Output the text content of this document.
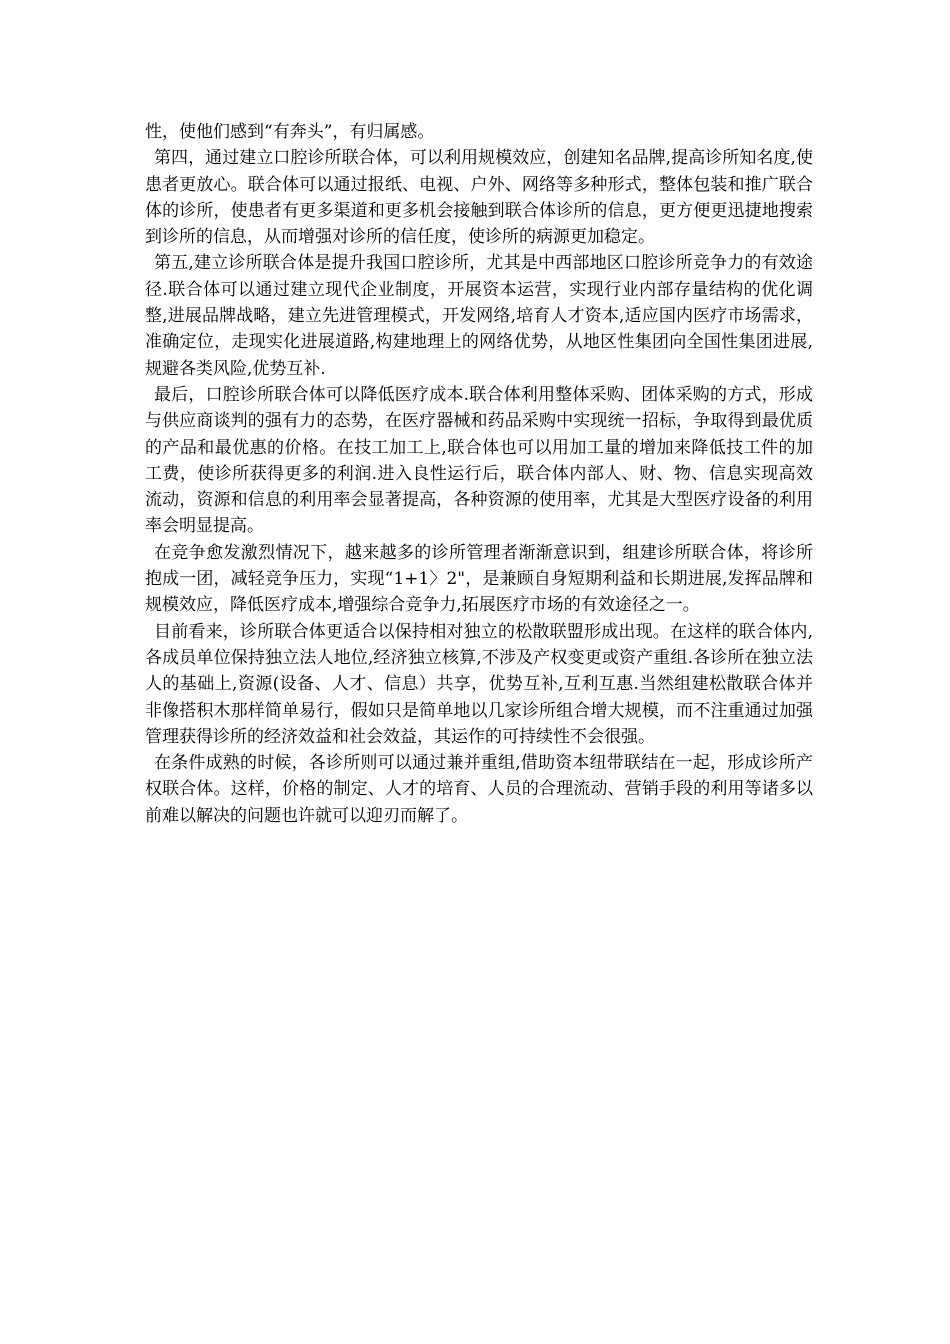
性，使他们感到“有奔头”，有归属感。

第四，通过建立口腔诊所联合体，可以利用规模效应，创建知名品牌,提高诊所知名度,使患者更放心。联合体可以通过报纸、电视、户外、网络等多种形式，整体包装和推广联合体的诊所，使患者有更多渠道和更多机会接触到联合体诊所的信息，更方便更迅捷地搜索到诊所的信息，从而增强对诊所的信任度，使诊所的病源更加稳定。

第五,建立诊所联合体是提升我国口腔诊所，尤其是中西部地区口腔诊所竞争力的有效途径.联合体可以通过建立现代企业制度，开展资本运营，实现行业内部存量结构的优化调整,进展品牌战略，建立先进管理模式，开发网络,培育人才资本,适应国内医疗市场需求，准确定位，走现实化进展道路,构建地理上的网络优势，从地区性集团向全国性集团进展,规避各类风险,优势互补.

最后，口腔诊所联合体可以降低医疗成本.联合体利用整体采购、团体采购的方式，形成与供应商谈判的强有力的态势，在医疗器械和药品采购中实现统一招标，争取得到最优质的产品和最优惠的价格。在技工加工上,联合体也可以用加工量的增加来降低技工件的加工费，使诊所获得更多的利润.进入良性运行后，联合体内部人、财、物、信息实现高效流动，资源和信息的利用率会显著提高，各种资源的使用率，尤其是大型医疗设备的利用率会明显提高。

在竞争愈发激烈情况下，越来越多的诊所管理者渐渐意识到，组建诊所联合体，将诊所抱成一团，减轻竞争压力，实现“1+1〉2"，是兼顾自身短期利益和长期进展,发挥品牌和规模效应，降低医疗成本,增强综合竞争力,拓展医疗市场的有效途径之一。

目前看来，诊所联合体更适合以保持相对独立的松散联盟形成出现。在这样的联合体内,各成员单位保持独立法人地位,经济独立核算,不涉及产权变更或资产重组.各诊所在独立法人的基础上,资源(设备、人才、信息）共享，优势互补,互利互惠.当然组建松散联合体并非像搭积木那样简单易行，假如只是简单地以几家诊所组合增大规模，而不注重通过加强管理获得诊所的经济效益和社会效益，其运作的可持续性不会很强。

在条件成熟的时候，各诊所则可以通过兼并重组,借助资本纽带联结在一起，形成诊所产权联合体。这样，价格的制定、人才的培育、人员的合理流动、营销手段的利用等诸多以前难以解决的问题也许就可以迎刃而解了。
